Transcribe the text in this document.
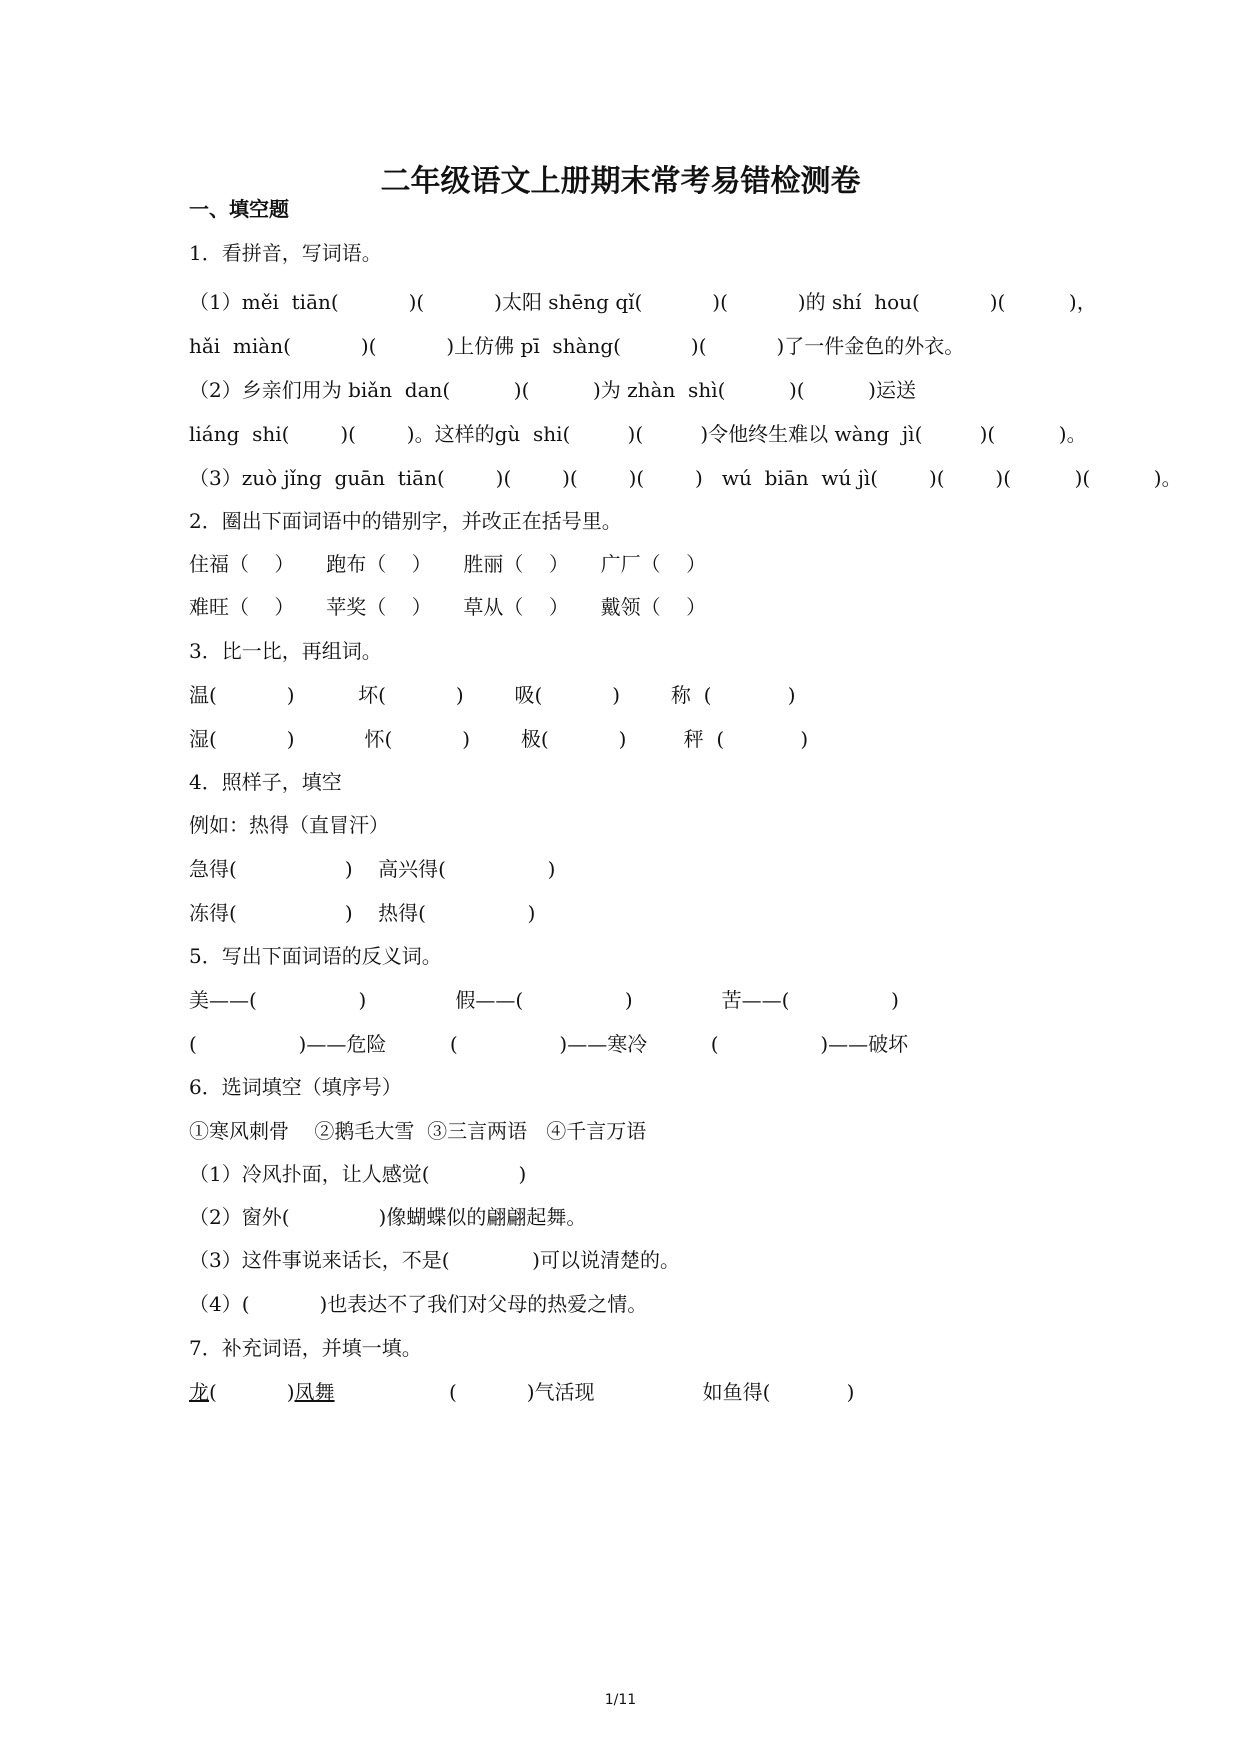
二年级语文上册期末常考易错检测卷
一、填空题
1．看拼音，写词语。
（1）měi  tiān(           )(           )太阳 shēng qǐ(           )(           )的 shí  hou(           )(          )，
hǎi  miàn(           )(           )上仿佛 pī  shàng(           )(           )了一件金色的外衣。
（2）乡亲们用为 biǎn  dan(          )(          )为 zhàn  shì(          )(          )运送
liáng  shi(        )(        )。这样的gù  shi(         )(         )令他终生难以 wàng  jì(         )(          )。
（3）zuò jǐng  guān  tiān(        )(        )(        )(        )   wú  biān  wú jì(        )(        )(          )(          )。
2．圈出下面词语中的错别字，并改正在括号里。
住福（    ）     跑布（    ）     胜丽（    ）     广厂（    ）
难旺（    ）     苹奖（    ）     草从（    ）     戴领（    ）
3．比一比，再组词。
温(           )          坏(           )        吸(           )        称  (            )
湿(           )           怀(           )        极(           )         秤  (            )
4．照样子，填空
例如：热得（直冒汗）
急得(                 )    高兴得(                )
冻得(                 )    热得(                )
5．写出下面词语的反义词。
美——(                )              假——(                )              苦——(                )
(                )——危险          (                )——寒冷          (                )——破坏
6．选词填空（填序号）
①寒风刺骨    ②鹅毛大雪  ③三言两语   ④千言万语
（1）冷风扑面，让人感觉(              )
（2）窗外(              )像蝴蝶似的翩翩起舞。
（3）这件事说来话长，不是(             )可以说清楚的。
（4）(           )也表达不了我们对父母的热爱之情。
7．补充词语，并填一填。
龙(           )凤舞                  (           )气活现                 如鱼得(            )
1/11
